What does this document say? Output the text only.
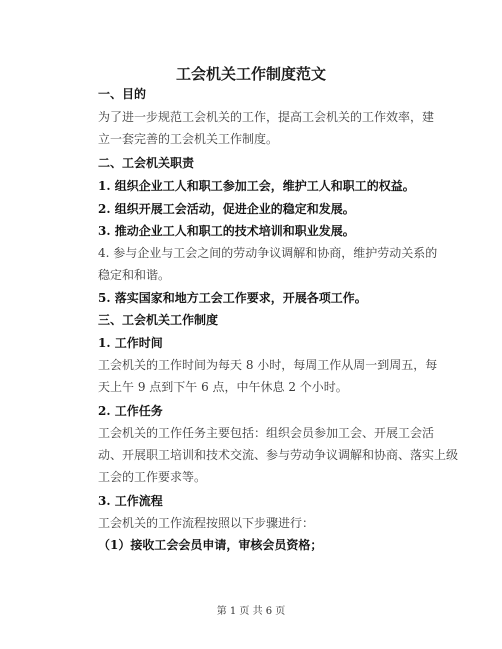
工会机关工作制度范文
一、目的
为了进一步规范工会机关的工作，提高工会机关的工作效率，建
立一套完善的工会机关工作制度。
二、工会机关职责
1. 组织企业工人和职工参加工会，维护工人和职工的权益。
2. 组织开展工会活动，促进企业的稳定和发展。
3. 推动企业工人和职工的技术培训和职业发展。
4. 参与企业与工会之间的劳动争议调解和协商，维护劳动关系的
稳定和和谐。
5. 落实国家和地方工会工作要求，开展各项工作。
三、工会机关工作制度
1. 工作时间
工会机关的工作时间为每天 8 小时，每周工作从周一到周五，每
天上午 9 点到下午 6 点，中午休息 2 个小时。
2. 工作任务
工会机关的工作任务主要包括：组织会员参加工会、开展工会活
动、开展职工培训和技术交流、参与劳动争议调解和协商、落实上级
工会的工作要求等。
3. 工作流程
工会机关的工作流程按照以下步骤进行：
（1）接收工会会员申请，审核会员资格；
第 1 页 共 6 页
